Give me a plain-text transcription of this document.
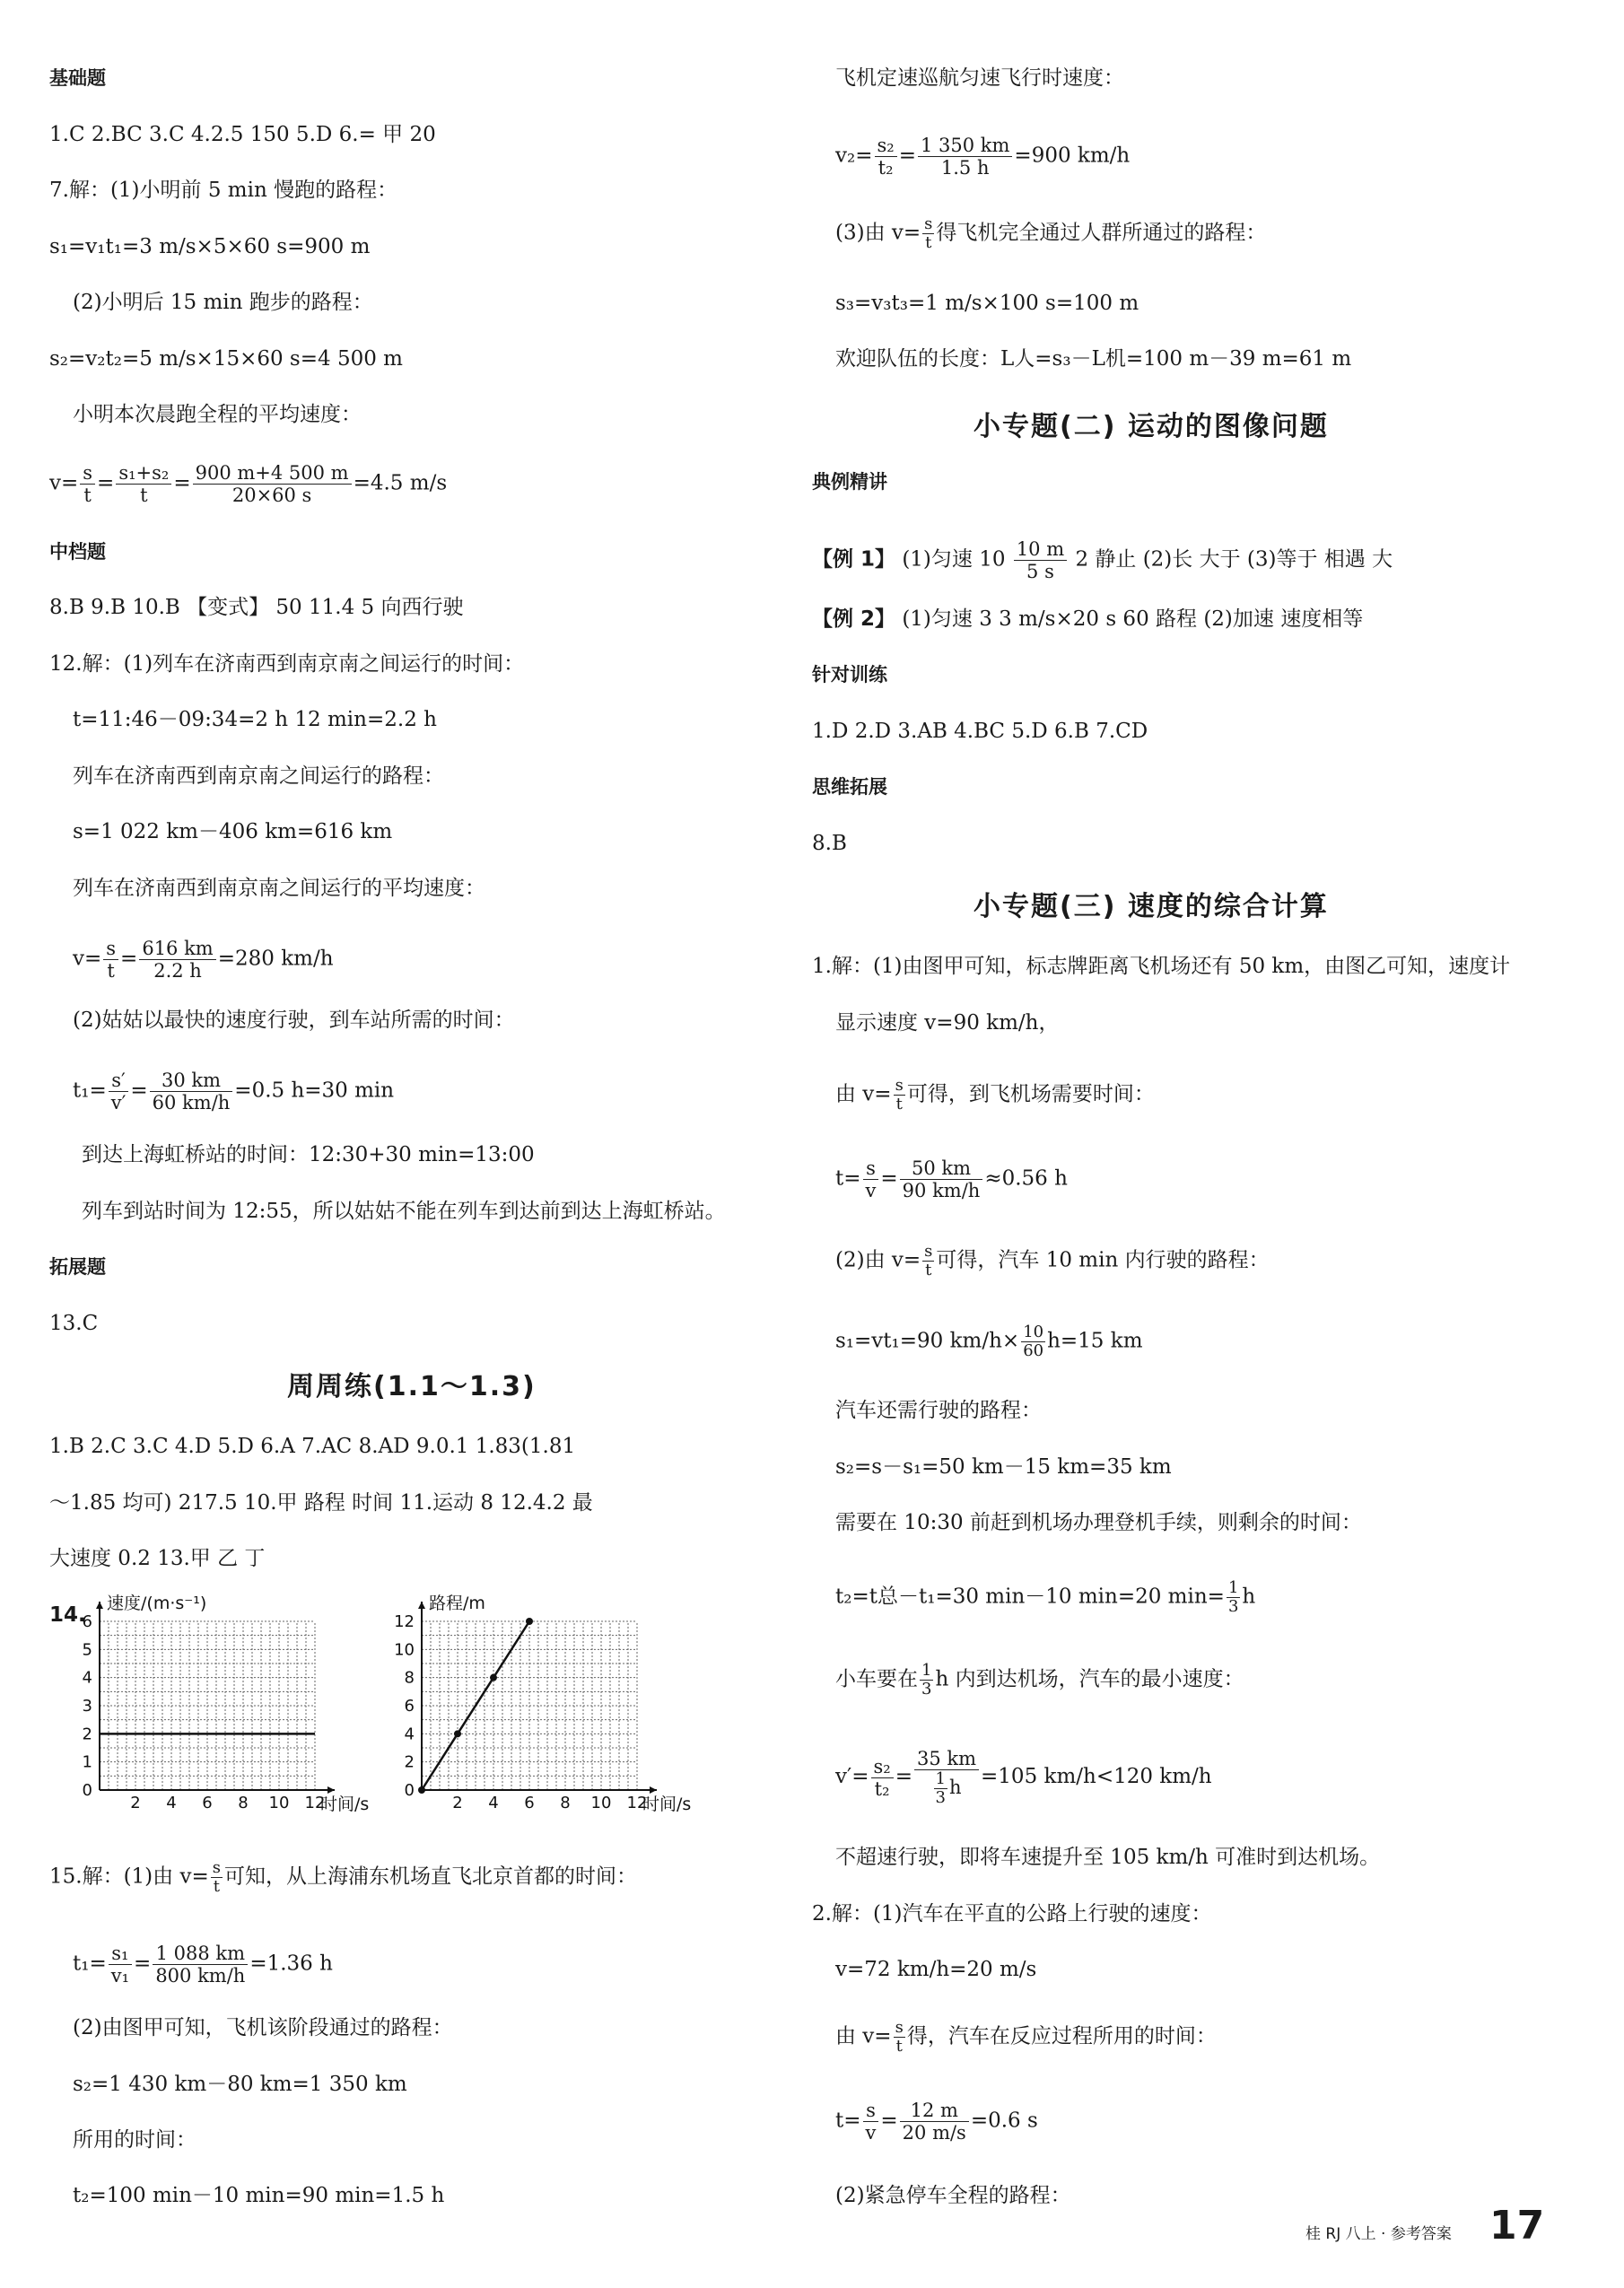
基础题
1.C 2.BC 3.C 4.2.5 150 5.D 6.= 甲 20
7.解：(1)小明前 5 min 慢跑的路程：
s₁=v₁t₁=3 m/s×5×60 s=900 m
(2)小明后 15 min 跑步的路程：
s₂=v₂t₂=5 m/s×15×60 s=4 500 m
小明本次晨跑全程的平均速度：
$v= \frac{s}{t} = \frac{\text{s₁+s₂}}{t} = \frac{900 m+4 500 m}{20\times 60 s} =4.5$ m/s
中档题
8.B 9.B 10.B 【变式】 50 11.4 5 向西行驶
12.解：(1)列车在济南西到南京南之间运行的时间：
t=11:46－09:34=2 h 12 min=2.2 h
列车在济南西到南京南之间运行的路程：
s=1 022 km－406 km=616 km
列车在济南西到南京南之间运行的平均速度：
$v= \frac{s}{t} = \frac{616 km}{2.2 h} =280$ km/h
(2)姑姑以最快的速度行驶，到车站所需的时间：
$t_1= \frac{s'}{v'} = \frac{30 km}{60 km/h} =0.5$ h=30 min
到达上海虹桥站的时间：12:30+30 min=13:00
列车到站时间为 12:55，所以姑姑不能在列车到达前到达上海虹桥站。
拓展题
13.C
周周练(1.1～1.3)
1.B 2.C 3.C 4.D 5.D 6.A 7.AC 8.AD 9.0.1 1.83(1.81
～1.85 均可) 217.5 10.甲 路程 时间 11.运动 8 12.4.2 最
大速度 0.2 13.甲 乙 丁
14.
2 4 6 8 10 12
0
1
2
3
4
5
6
时间/s
速度/(m·s⁻¹)
2 4 6 8 10 12
0
2
4
6
8
10
12
时间/s
路程/m
15.解：(1)由 $v= \frac{s}{t}$ 可知，从上海浦东机场直飞北京首都的时间：
$t_1= \frac{\text{s₁}}{\text{v₁}} = \frac{1 088 km}{800 km/h} =1.36$ h
(2)由图甲可知，飞机该阶段通过的路程：
s₂=1 430 km－80 km=1 350 km
所用的时间：
t₂=100 min－10 min=90 min=1.5 h
飞机定速巡航匀速飞行时速度：
$v_2= \frac{\text{s₂}}{\text{t₂}} = \frac{1 350 km}{1.5 h} =900$ km/h
(3)由 $v= \frac{s}{t}$ 得飞机完全通过人群所通过的路程：
s₃=v₃t₃=1 m/s×100 s=100 m
欢迎队伍的长度：L人=s₃－L机=100 m－39 m=61 m
小专题(二) 运动的图像问题
典例精讲
【例 1】 (1)匀速 $10 \frac{10 m}{5 s} 2$ 静止 (2)长 大于 (3)等于 相遇 大
【例 2】 (1)匀速 3 3 m/s×20 s 60 路程 (2)加速 速度相等
针对训练
1.D 2.D 3.AB 4.BC 5.D 6.B 7.CD
思维拓展
8.B
小专题(三) 速度的综合计算
1.解：(1)由图甲可知，标志牌距离飞机场还有 50 km，由图乙可知，速度计
显示速度 v=90 km/h，
由 $v= \frac{s}{t}$ 可得，到飞机场需要时间：
$t= \frac{s}{v} = \frac{50 km}{90 km/h} \approx 0.56$ h
(2)由 $v= \frac{s}{t}$ 可得，汽车 10 min 内行驶的路程：
s₁=vt₁=90 $km/h\times \frac{10}{60} h=15$ km
汽车还需行驶的路程：
s₂=s－s₁=50 km－15 km=35 km
需要在 10:30 前赶到机场办理登机手续，则剩余的时间：
t₂=t总－t₁=30 min－10 min=20 $\min= \frac{1}{3}$ h
小车要在 $\frac{1}{3}$ h 内到达机场，汽车的最小速度：
$v'= \frac{\text{s₂}}{\text{t₂}} = \frac{35 km}{\frac{1}{3} h} =105$ km/h<120 km/h
不超速行驶，即将车速提升至 105 km/h 可准时到达机场。
2.解：(1)汽车在平直的公路上行驶的速度：
v=72 km/h=20 m/s
由 $v= \frac{s}{t}$ 得，汽车在反应过程所用的时间：
$t= \frac{s}{v} = \frac{12 m}{20 m/s} =0.6$ s
(2)紧急停车全程的路程：
桂 RJ 八上 · 参考答案 17
